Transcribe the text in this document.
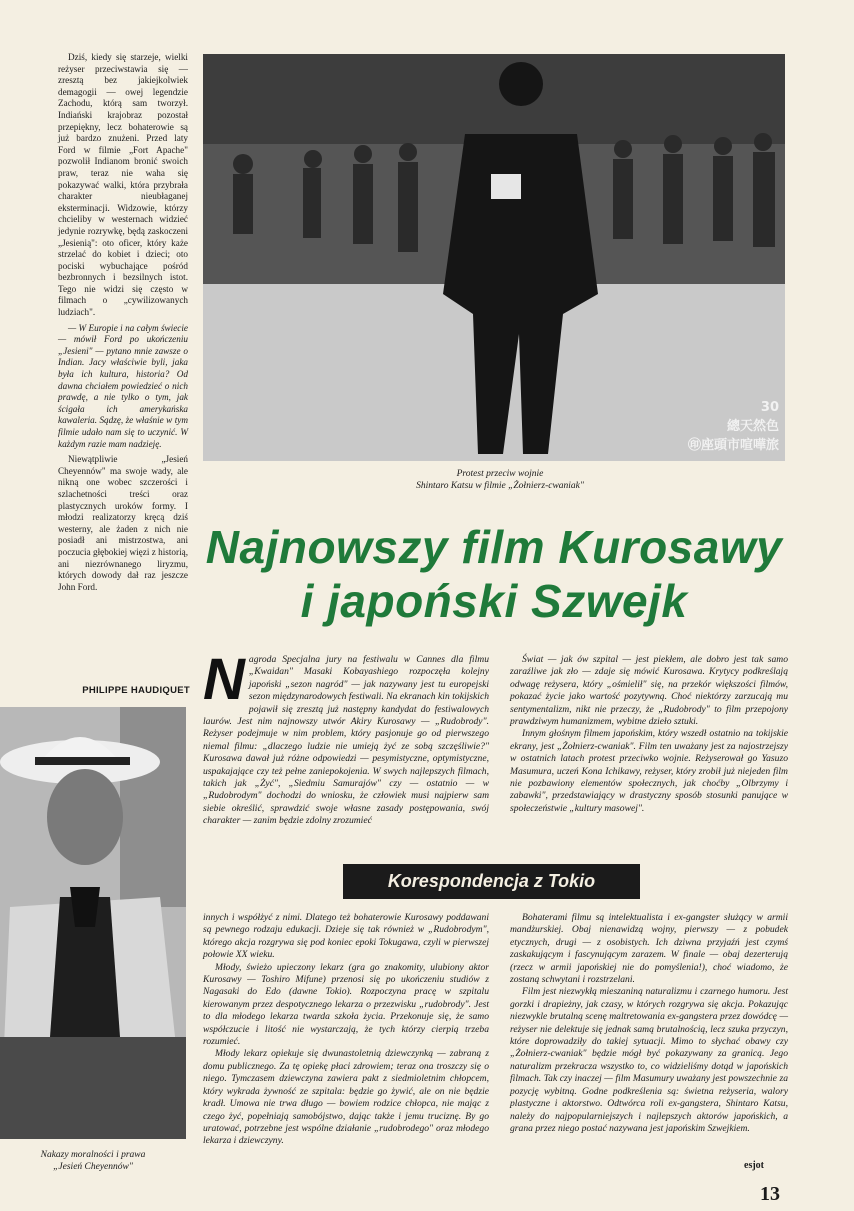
Dziś, kiedy się starzeje, wielki reżyser przeciwstawia się — zresztą bez jakiejkolwiek demagogii — owej legendzie Zachodu, którą sam tworzył. Indiański krajobraz pozostał przepiękny, lecz bohaterowie są już bardzo znużeni. Przed laty Ford w filmie „Fort Apache" pozwolił Indianom bronić swoich praw, teraz nie waha się pokazywać walki, która przybrała charakter nieubłaganej eksterminacji. Widzowie, którzy chcieliby w westernach widzieć jedynie rozrywkę, będą zaskoczeni „Jesienią": oto oficer, który każe strzelać do kobiet i dzieci; oto pociski wybuchające pośród bezbronnych i bezsilnych istot. Tego nie widzi się często w filmach o „cywilizowanych ludziach".

— W Europie i na całym świecie — mówił Ford po ukończeniu „Jesieni" — pytano mnie zawsze o Indian. Jacy właściwie byli, jaka była ich kultura, historia? Od dawna chciałem powiedzieć o nich prawdę, a nie tylko o tym, jak ścigała ich amerykańska kawaleria. Sądzę, że właśnie w tym filmie udało nam się to uczynić. W każdym razie mam nadzieję.

Niewątpliwie „Jesień Cheyennów" ma swoje wady, ale nikną one wobec szczerości i szlachetności treści oraz plastycznych uroków formy. I młodzi realizatorzy kręcą dziś westerny, ale żaden z nich nie posiadł ani mistrzostwa, ani poczucia głębokiej więzi z historią, ani niezrównanego liryzmu, których dowody dał raz jeszcze John Ford.

PHILIPPE HAUDIQUET
30
總天然色
㊞座頭市喧嘩旅
Protest przeciw wojnie
Shintaro Katsu w filmie „Żołnierz-cwaniak"
Najnowszy film Kurosawy
i japoński Szwejk
Nakazy moralności i prawa
„Jesień Cheyennów"
N agroda Specjalna jury na festiwalu w Cannes dla filmu „Kwaidan" Masaki Kobayashiego rozpoczęła kolejny japoński „sezon nagród" — jak nazywany jest tu europejski sezon międzynarodowych festiwali. Na ekranach kin tokijskich pojawił się zresztą już następny kandydat do festiwalowych laurów. Jest nim najnowszy utwór Akiry Kurosawy — „Rudobrody". Reżyser podejmuje w nim problem, który pasjonuje go od pierwszego niemal filmu: „dlaczego ludzie nie umieją żyć ze sobą szczęśliwie?" Kurosawa dawał już różne odpowiedzi — pesymistyczne, optymistyczne, uspakajające czy też pełne zaniepokojenia. W swych najlepszych filmach, takich jak „Żyć", „Siedmiu Samurajów" czy — ostatnio — w „Rudobrodym" dochodzi do wniosku, że człowiek musi najpierw sam siebie określić, sprawdzić swoje własne zasady postępowania, swój charakter — zanim będzie zdolny zrozumieć

Świat — jak ów szpital — jest piekłem, ale dobro jest tak samo zaraźliwe jak zło — zdaje się mówić Kurosawa. Krytycy podkreślają odwagę reżysera, który „ośmielił" się, na przekór większości filmów, pokazać życie jako wartość pozytywną. Choć niektórzy zarzucają mu sentymentalizm, nikt nie przeczy, że „Rudobrody" to film przepojony prawdziwym humanizmem, wybitne dzieło sztuki.

Innym głośnym filmem japońskim, który wszedł ostatnio na tokijskie ekrany, jest „Żołnierz-cwaniak". Film ten uważany jest za najostrzejszy w ostatnich latach protest przeciwko wojnie. Reżyserował go Yasuzo Masumura, uczeń Kona Ichikawy, reżyser, który zrobił już niejeden film nie pozbawiony elementów społecznych, jak choćby „Olbrzymy i zabawki", przedstawiający w drastyczny sposób stosunki panujące w społeczeństwie „kultury masowej".

Korespondencja z Tokio

innych i współżyć z nimi. Dlatego też bohaterowie Kurosawy poddawani są pewnego rodzaju edukacji. Dzieje się tak również w „Rudobrodym", którego akcja rozgrywa się pod koniec epoki Tokugawa, czyli w pierwszej połowie XX wieku.

Młody, świeżo upieczony lekarz (gra go znakomity, ulubiony aktor Kurosawy — Toshiro Mifune) przenosi się po ukończeniu studiów z Nagasaki do Edo (dawne Tokio). Rozpoczyna pracę w szpitalu kierowanym przez despotycznego lekarza o przezwisku „rudobrody". Jest to dla młodego lekarza twarda szkoła życia. Przekonuje się, że samo współczucie i litość nie wystarczają, że tych którzy cierpią trzeba rozumieć.

Młody lekarz opiekuje się dwunastoletnią dziewczynką — zabraną z domu publicznego. Za tę opiekę płaci zdrowiem; teraz ona troszczy się o niego. Tymczasem dziewczyna zawiera pakt z siedmioletnim chłopcem, który wykrada żywność ze szpitala: będzie go żywić, ale on nie będzie kradł. Umowa nie trwa długo — bowiem rodzice chłopca, nie mając z czego żyć, popełniają samobójstwo, dając także i jemu truciznę. By go uratować, potrzebne jest wspólne działanie „rudobrodego" oraz młodego lekarza i dziewczyny.

Bohaterami filmu są intelektualista i ex-gangster służący w armii mandżurskiej. Obaj nienawidzą wojny, pierwszy — z pobudek etycznych, drugi — z osobistych. Ich dziwna przyjaźń jest czymś zaskakującym i fascynującym zarazem. W finale — obaj dezerterują (rzecz w armii japońskiej nie do pomyślenia!), choć wiadomo, że zostaną schwytani i rozstrzelani.

Film jest niezwykłą mieszaniną naturalizmu i czarnego humoru. Jest gorzki i drapieżny, jak czasy, w których rozgrywa się akcja. Pokazując niezwykle brutalną scenę maltretowania ex-gangstera przez dowódcę — reżyser nie delektuje się jednak samą brutalnością, lecz szuka przyczyn, które doprowadziły do takiej sytuacji. Mimo to słychać obawy czy „Żołnierz-cwaniak" będzie mógł być pokazywany za granicą. Jego naturalizm przekracza wszystko to, co widzieliśmy dotąd w japońskich filmach. Tak czy inaczej — film Masumury uważany jest powszechnie za pozycję wybitną. Godne podkreślenia są: świetna reżyseria, walory plastyczne i aktorstwo. Odtwórca roli ex-gangstera, Shintaro Katsu, należy do najpopularniejszych i najlepszych aktorów japońskich, a grana przez niego postać nazywana jest japońskim Szwejkiem.

esjot
13
